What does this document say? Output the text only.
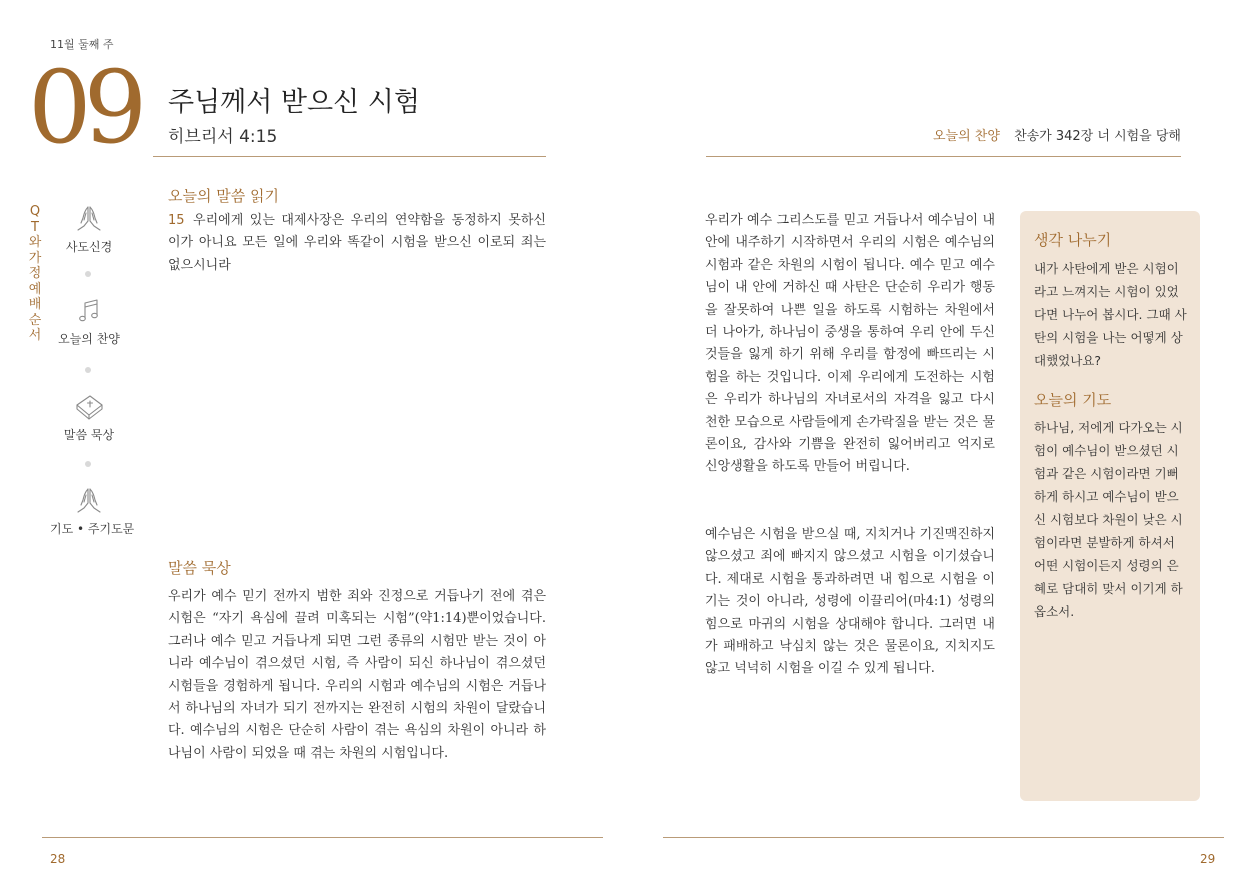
11월 둘째 주
09 주님께서 받으신 시험
히브리서 4:15	오늘의 찬양 찬송가 342장 너 시험을 당해
QT와 가정예배 순서
사도신경
오늘의 찬양
말씀 묵상
기도 • 주기도문
오늘의 말씀 읽기
15 우리에게 있는 대제사장은 우리의 연약함을 동정하지 못하신 이가 아니요 모든 일에 우리와 똑같이 시험을 받으신 이로되 죄는 없으시니라
말씀 묵상
우리가 예수 믿기 전까지 범한 죄와 진정으로 거듭나기 전에 겪은 시험은 “자기 욕심에 끌려 미혹되는 시험”(약1:14)뿐이었습니다. 그러나 예수 믿고 거듭나게 되면 그런 종류의 시험만 받는 것이 아니라 예수님이 겪으셨던 시험, 즉 사람이 되신 하나님이 겪으셨던 시험들을 경험하게 됩니다. 우리의 시험과 예수님의 시험은 거듭나서 하나님의 자녀가 되기 전까지는 완전히 시험의 차원이 달랐습니다. 예수님의 시험은 단순히 사람이 겪는 욕심의 차원이 아니라 하나님이 사람이 되었을 때 겪는 차원의 시험입니다.
우리가 예수 그리스도를 믿고 거듭나서 예수님이 내 안에 내주하기 시작하면서 우리의 시험은 예수님의 시험과 같은 차원의 시험이 됩니다. 예수 믿고 예수님이 내 안에 거하신 때 사탄은 단순히 우리가 행동을 잘못하여 나쁜 일을 하도록 시험하는 차원에서 더 나아가, 하나님이 중생을 통하여 우리 안에 두신 것들을 잃게 하기 위해 우리를 함정에 빠뜨리는 시험을 하는 것입니다. 이제 우리에게 도전하는 시험은 우리가 하나님의 자녀로서의 자격을 잃고 다시 천한 모습으로 사람들에게 손가락질을 받는 것은 물론이요, 감사와 기쁨을 완전히 잃어버리고 억지로 신앙생활을 하도록 만들어 버립니다.
예수님은 시험을 받으실 때, 지치거나 기진맥진하지 않으셨고 죄에 빠지지 않으셨고 시험을 이기셨습니다. 제대로 시험을 통과하려면 내 힘으로 시험을 이기는 것이 아니라, 성령에 이끌리어(마4:1) 성령의 힘으로 마귀의 시험을 상대해야 합니다. 그러면 내가 패배하고 낙심치 않는 것은 물론이요, 지치지도 않고 넉넉히 시험을 이길 수 있게 됩니다.
생각 나누기
내가 사탄에게 받은 시험이라고 느껴지는 시험이 있었다면 나누어 봅시다. 그때 사탄의 시험을 나는 어떻게 상대했었나요?
오늘의 기도
하나님, 저에게 다가오는 시험이 예수님이 받으셨던 시험과 같은 시험이라면 기뻐하게 하시고 예수님이 받으신 시험보다 차원이 낮은 시험이라면 분발하게 하셔서 어떤 시험이든지 성령의 은혜로 담대히 맞서 이기게 하옵소서.
28	29
